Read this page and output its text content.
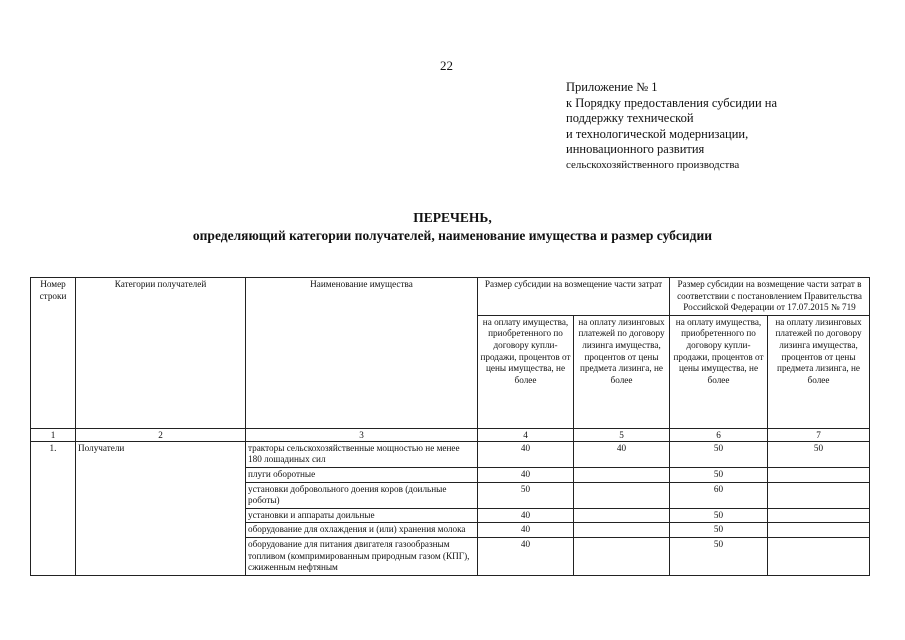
22
Приложение № 1
к Порядку предоставления субсидии на
поддержку технической
и технологической модернизации,
инновационного развития
сельскохозяйственного производства
ПЕРЕЧЕНЬ,
определяющий категории получателей, наименование имущества и размер субсидии
Номер строки	Категории получателей	Наименование имущества	Размер субсидии на возмещение части затрат		Размер субсидии на возмещение части затрат в соответствии с постановлением Правительства Российской Федерации от 17.07.2015 № 719	
			на оплату имущества, приобретенного по договору купли-продажи, процентов от цены имущества, не более	на оплату лизинговых платежей по договору лизинга имущества, процентов от цены предмета лизинга, не более	на оплату имущества, приобретенного по договору купли-продажи, процентов от цены имущества, не более	на оплату лизинговых платежей по договору лизинга имущества, процентов от цены предмета лизинга, не более
1	2	3	4	5	6	7
1.	Получатели	тракторы сельскохозяйственные мощностью не менее 180 лошадиных сил	40	40	50	50
		плуги оборотные	40		50	
		установки добровольного доения коров (доильные роботы)	50		60	
		установки и аппараты доильные	40		50	
		оборудование для охлаждения и (или) хранения молока	40		50	
		оборудование для питания двигателя газообразным топливом (компримированным природным газом (КПГ), сжиженным нефтяным	40		50	
